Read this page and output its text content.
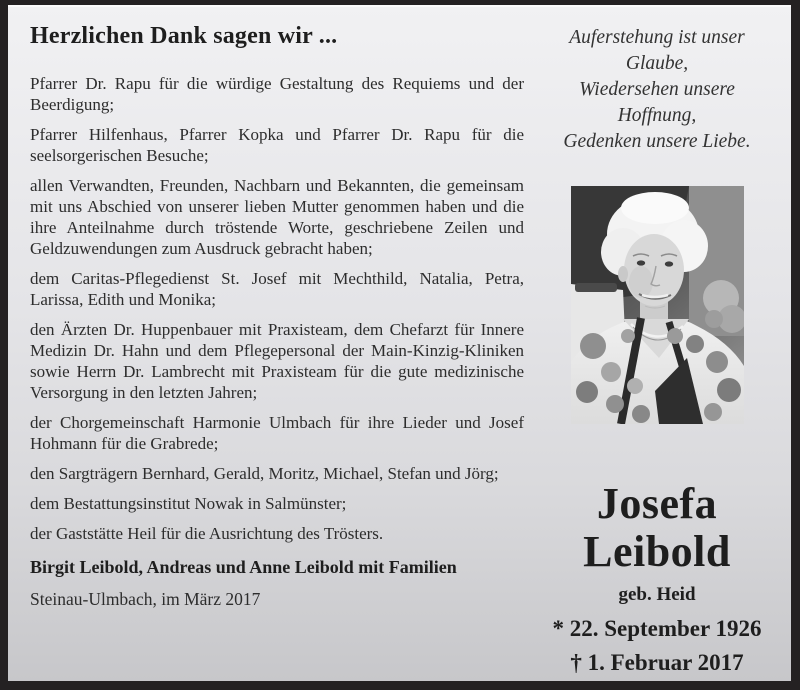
Herzlichen Dank sagen wir ...

Pfarrer Dr. Rapu für die würdige Gestaltung des Requiems und der Beerdigung;

Pfarrer Hilfenhaus, Pfarrer Kopka und Pfarrer Dr. Rapu für die seelsorgerischen Besuche;

allen Verwandten, Freunden, Nachbarn und Bekannten, die gemeinsam mit uns Abschied von unserer lieben Mutter genommen haben und die ihre Anteilnahme durch tröstende Worte, geschriebene Zeilen und Geldzuwendungen zum Ausdruck gebracht haben;

dem Caritas-Pflegedienst St. Josef mit Mechthild, Natalia, Petra, Larissa, Edith und Monika;

den Ärzten Dr. Huppenbauer mit Praxisteam, dem Chefarzt für Innere Medizin Dr. Hahn und dem Pflegepersonal der Main-Kinzig-Kliniken sowie Herrn Dr. Lambrecht mit Praxisteam für die gute medizinische Versorgung in den letzten Jahren;

der Chorgemeinschaft Harmonie Ulmbach für ihre Lieder und Josef Hohmann für die Grabrede;

den Sargträgern Bernhard, Gerald, Moritz, Michael, Stefan und Jörg;

dem Bestattungsinstitut Nowak in Salmünster;

der Gaststätte Heil für die Ausrichtung des Trösters.

Birgit Leibold, Andreas und Anne Leibold mit Familien

Steinau-Ulmbach, im März 2017

Auferstehung ist unser
Glaube,
Wiedersehen unsere
Hoffnung,
Gedenken unsere Liebe.
Josefa
Leibold
geb. Heid
* 22. September 1926
† 1. Februar 2017
